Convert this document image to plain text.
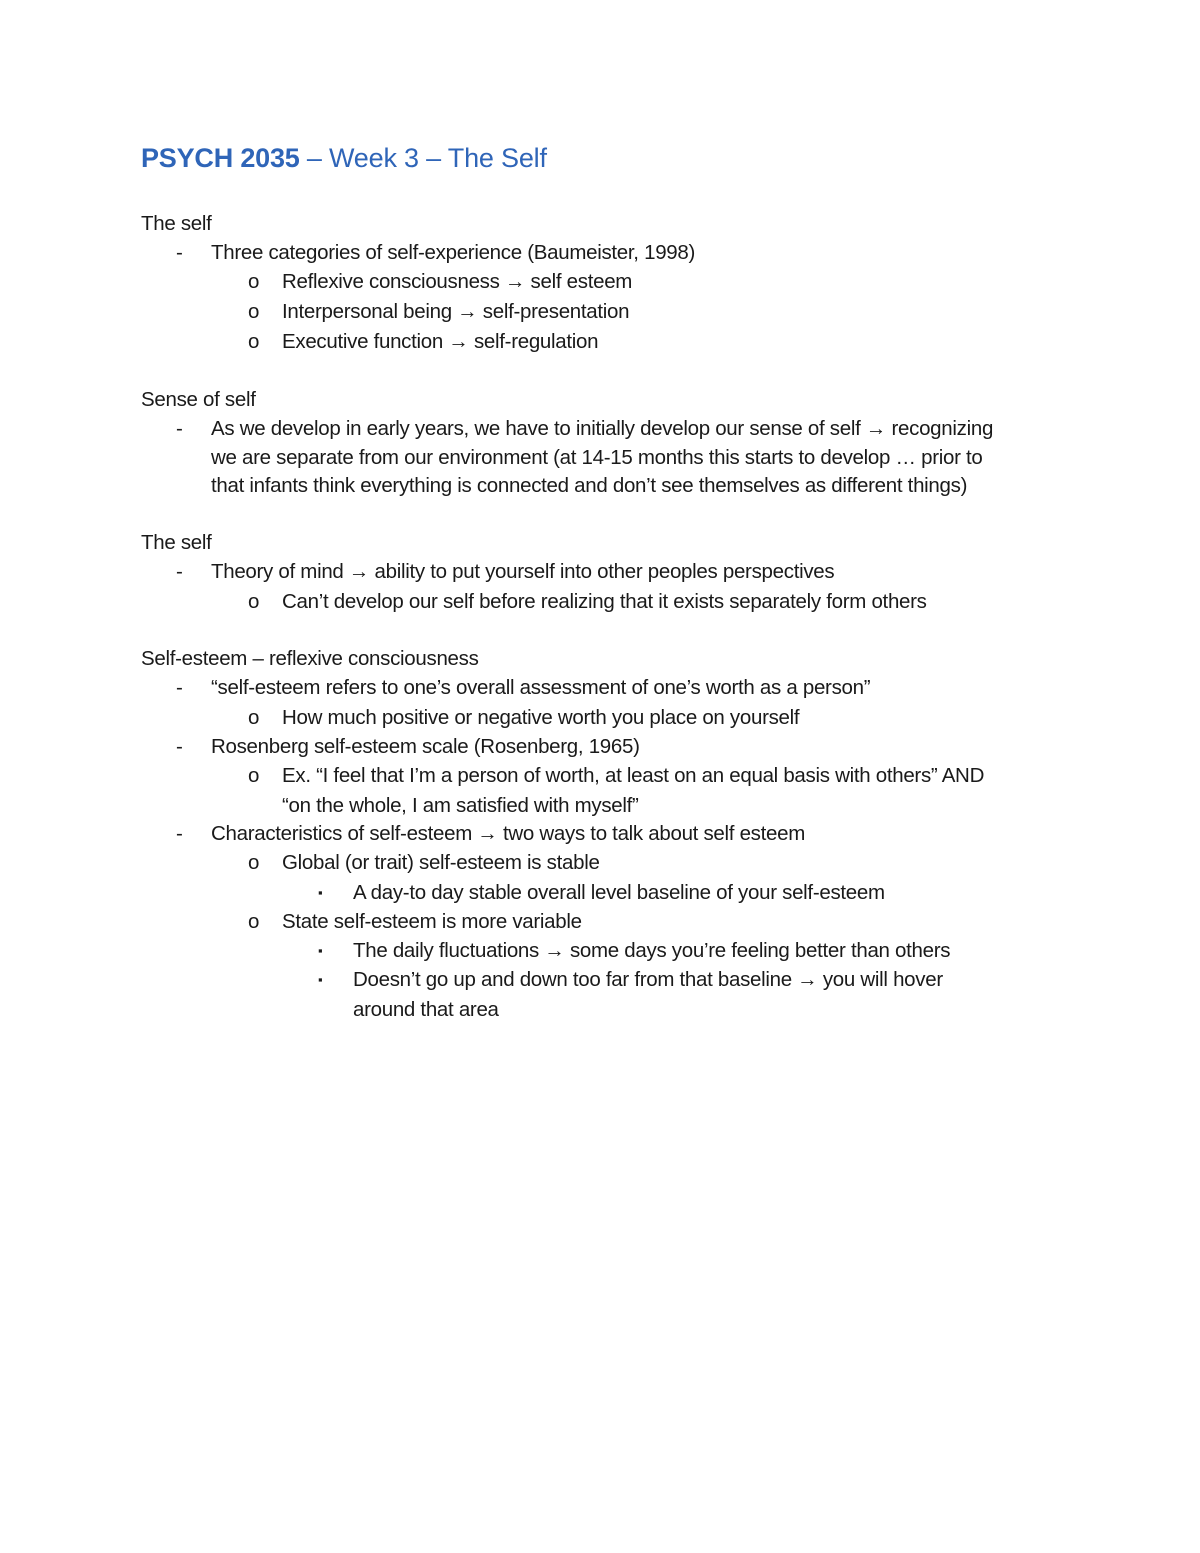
PSYCH 2035 – Week 3 – The Self
The self
- Three categories of self-experience (Baumeister, 1998)
o Reflexive consciousness → self esteem
o Interpersonal being → self-presentation
o Executive function → self-regulation
Sense of self
- As we develop in early years, we have to initially develop our sense of self → recognizing
we are separate from our environment (at 14-15 months this starts to develop … prior to
that infants think everything is connected and don’t see themselves as different things)
The self
- Theory of mind → ability to put yourself into other peoples perspectives
o Can’t develop our self before realizing that it exists separately form others
Self-esteem – reflexive consciousness
- “self-esteem refers to one’s overall assessment of one’s worth as a person”
o How much positive or negative worth you place on yourself
- Rosenberg self-esteem scale (Rosenberg, 1965)
o Ex. “I feel that I’m a person of worth, at least on an equal basis with others” AND
“on the whole, I am satisfied with myself”
- Characteristics of self-esteem → two ways to talk about self esteem
o Global (or trait) self-esteem is stable
▪ A day-to day stable overall level baseline of your self-esteem
o State self-esteem is more variable
▪ The daily fluctuations → some days you’re feeling better than others
▪ Doesn’t go up and down too far from that baseline → you will hover
around that area
